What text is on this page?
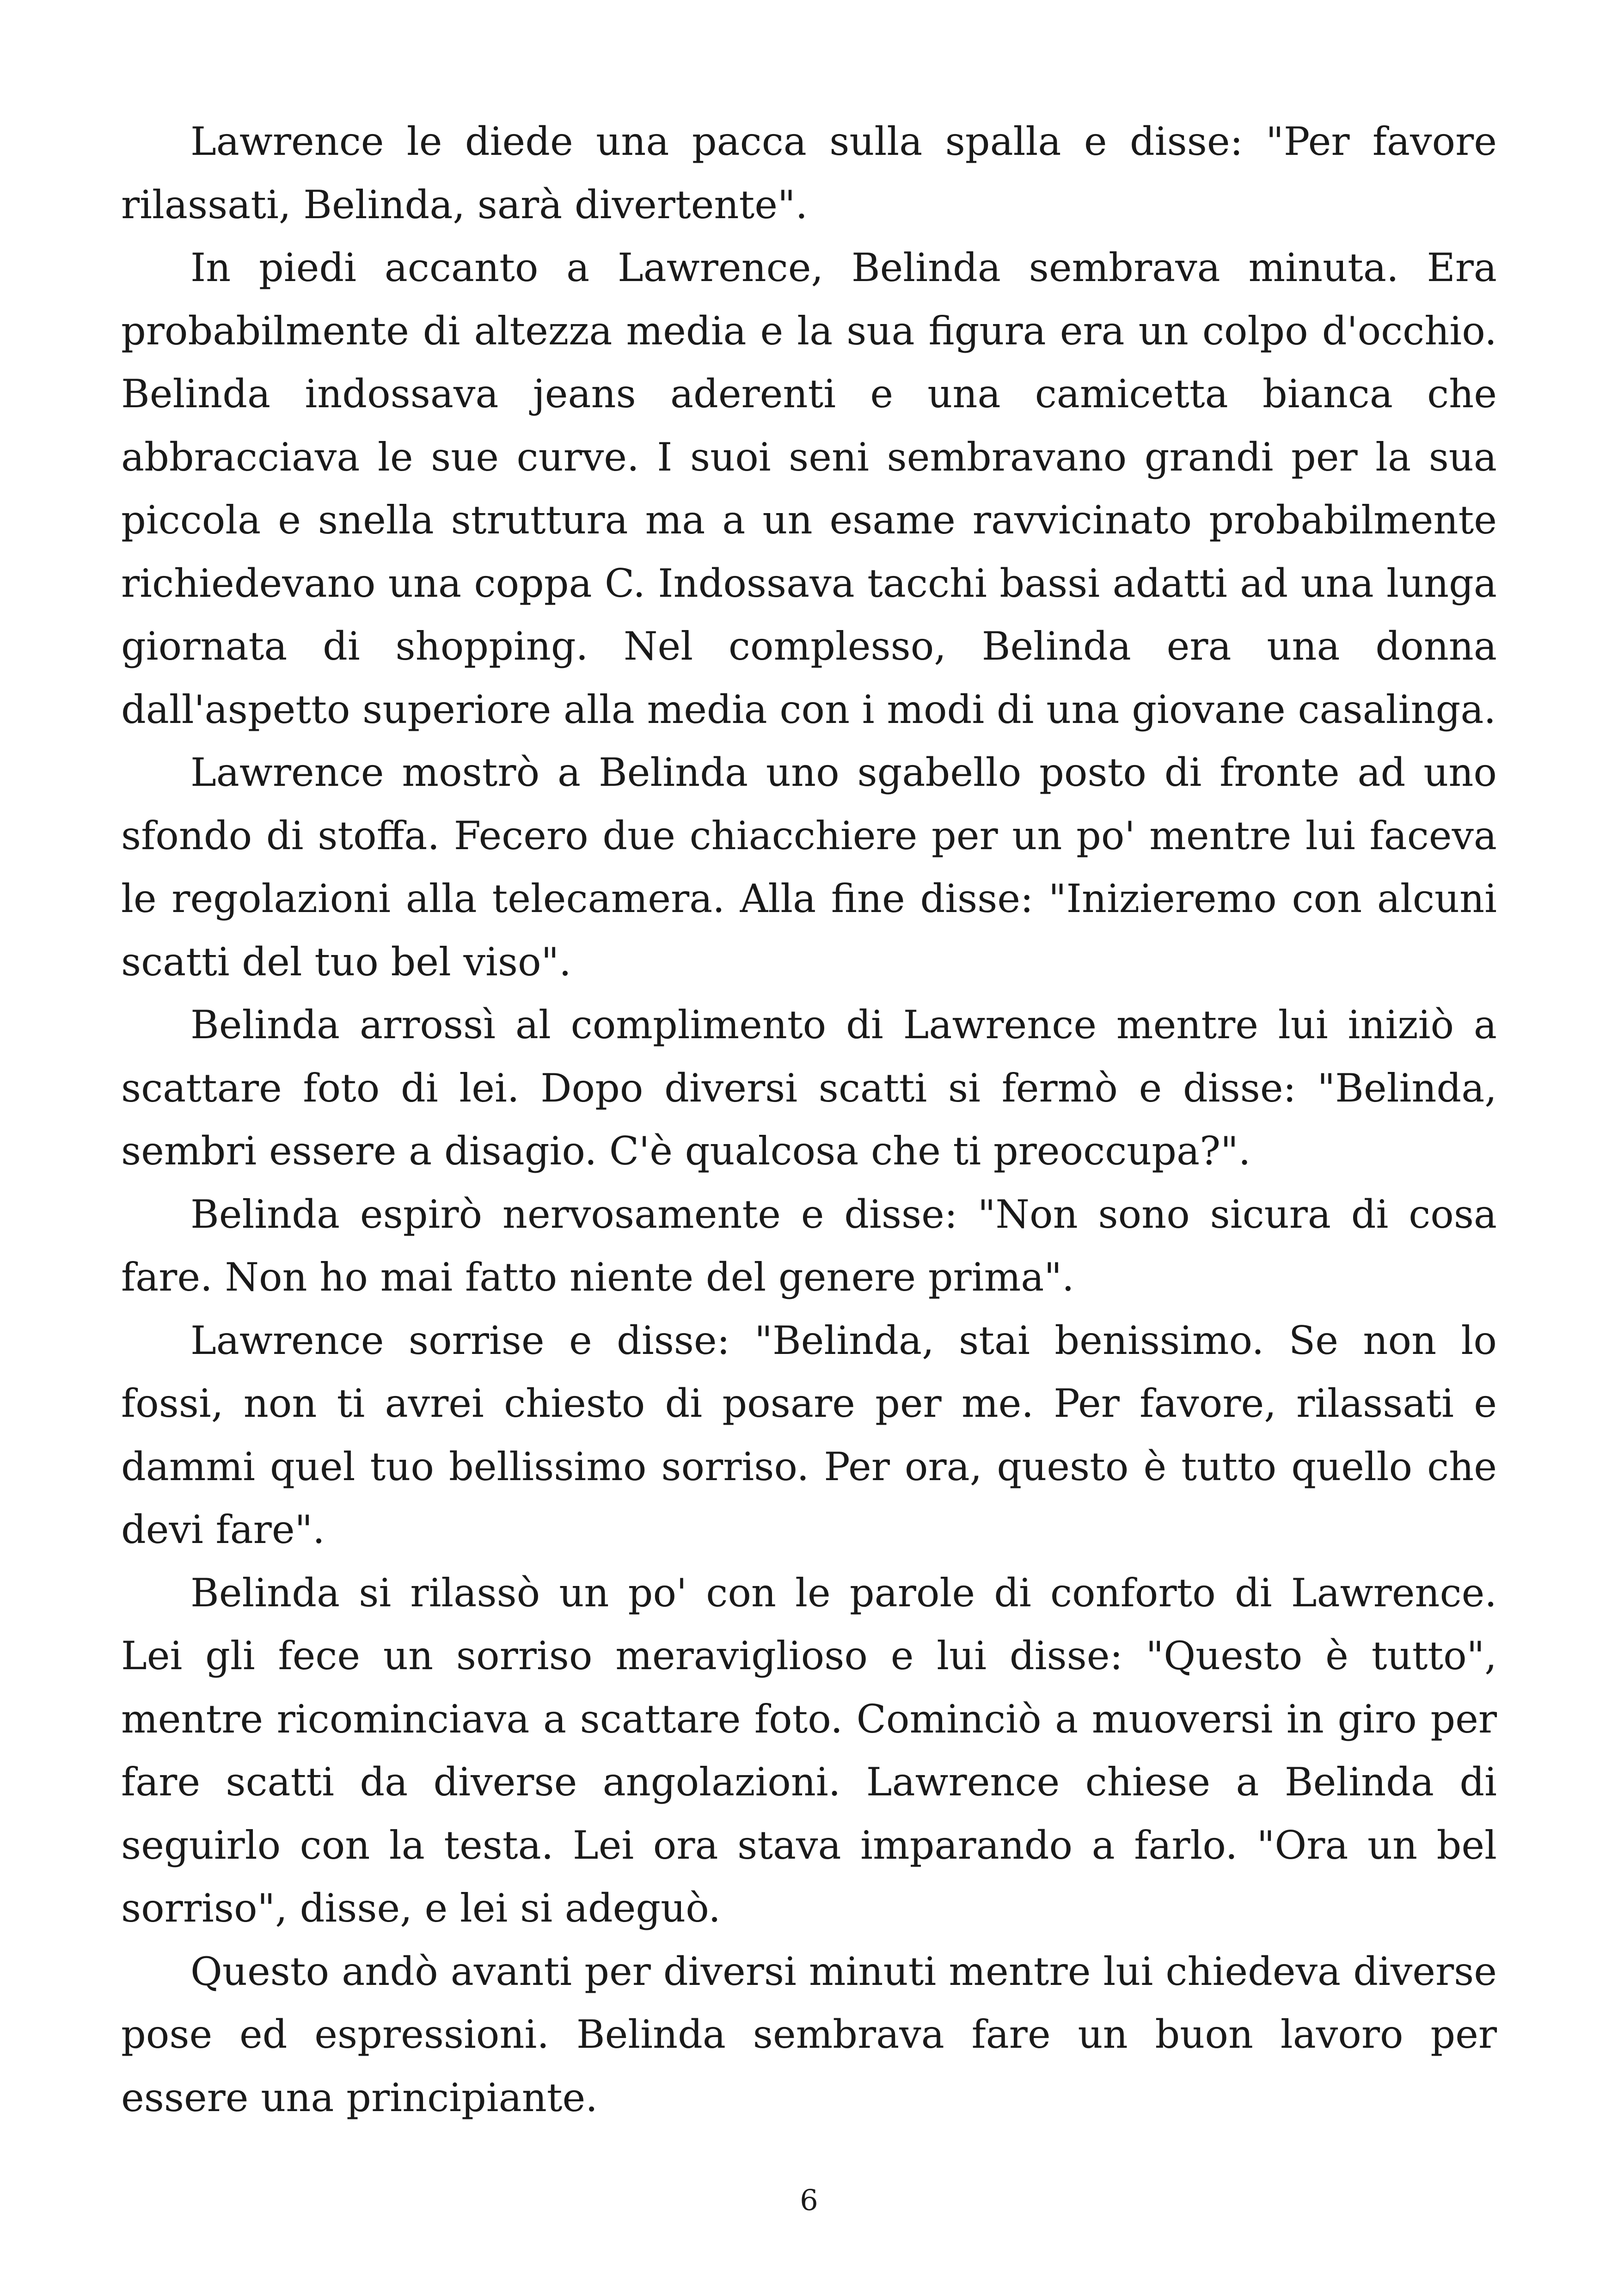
Lawrence le diede una pacca sulla spalla e disse: "Per favore rilassati, Belinda, sarà divertente".

In piedi accanto a Lawrence, Belinda sembrava minuta. Era probabilmente di altezza media e la sua figura era un colpo d'occhio. Belinda indossava jeans aderenti e una camicetta bianca che abbracciava le sue curve. I suoi seni sembravano grandi per la sua piccola e snella struttura ma a un esame ravvicinato probabilmente richiedevano una coppa C. Indossava tacchi bassi adatti ad una lunga giornata di shopping. Nel complesso, Belinda era una donna dall'aspetto superiore alla media con i modi di una giovane casalinga.

Lawrence mostrò a Belinda uno sgabello posto di fronte ad uno sfondo di stoffa. Fecero due chiacchiere per un po' mentre lui faceva le regolazioni alla telecamera. Alla fine disse: "Inizieremo con alcuni scatti del tuo bel viso".

Belinda arrossì al complimento di Lawrence mentre lui iniziò a scattare foto di lei. Dopo diversi scatti si fermò e disse: "Belinda, sembri essere a disagio. C'è qualcosa che ti preoccupa?".

Belinda espirò nervosamente e disse: "Non sono sicura di cosa fare. Non ho mai fatto niente del genere prima".

Lawrence sorrise e disse: "Belinda, stai benissimo. Se non lo fossi, non ti avrei chiesto di posare per me. Per favore, rilassati e dammi quel tuo bellissimo sorriso. Per ora, questo è tutto quello che devi fare".

Belinda si rilassò un po' con le parole di conforto di Lawrence. Lei gli fece un sorriso meraviglioso e lui disse: "Questo è tutto", mentre ricominciava a scattare foto. Cominciò a muoversi in giro per fare scatti da diverse angolazioni. Lawrence chiese a Belinda di seguirlo con la testa. Lei ora stava imparando a farlo. "Ora un bel sorriso", disse, e lei si adeguò.

Questo andò avanti per diversi minuti mentre lui chiedeva diverse pose ed espressioni. Belinda sembrava fare un buon lavoro per essere una principiante.

6
